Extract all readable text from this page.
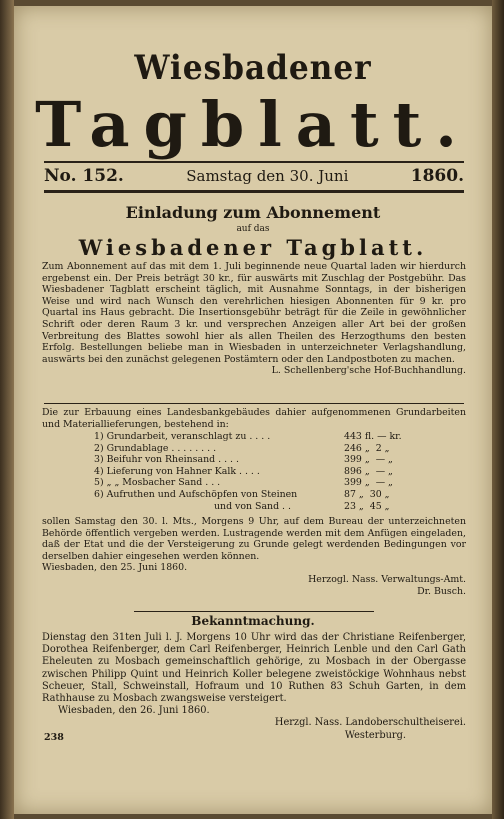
Wiesbadener
Tagblatt.
No. 152.	Samstag den 30. Juni	1860.
Einladung zum Abonnement
auf das
Wiesbadener Tagblatt.

Zum Abonnement auf das mit dem 1. Juli beginnende neue Quartal laden wir hierdurch ergebenst ein. Der Preis beträgt 30 kr., für auswärts mit Zuschlag der Postgebühr. Das Wiesbadener Tagblatt erscheint täglich, mit Ausnahme Sonntags, in der bisherigen Weise und wird nach Wunsch den verehrlichen hiesigen Abonnenten für 9 kr. pro Quartal ins Haus gebracht. Die Insertionsgebühr beträgt für die Zeile in gewöhnlicher Schrift oder deren Raum 3 kr. und versprechen Anzeigen aller Art bei der großen Verbreitung des Blattes sowohl hier als allen Theilen des Herzogthums den besten Erfolg. Bestellungen beliebe man in Wiesbaden in unterzeichneter Verlagshandlung, auswärts bei den zunächst gelegenen Postämtern oder den Landpostboten zu machen.

L. Schellenberg'sche Hof-Buchhandlung.

Die zur Erbauung eines Landesbankgebäudes dahier aufgenommenen Grundarbeiten und Materiallieferungen, bestehend in:

1) Grundarbeit, veranschlagt zu . . . .	443 fl. — kr.
2) Grundablage . . . . . . . .	246 „  2 „
3) Beifuhr von Rheinsand . . . .	399 „  — „
4) Lieferung von Hahner Kalk . . . .	896 „  — „
5) „ „ Mosbacher Sand . . .	399 „  — „
6) Aufruthen und Aufschöpfen von Steinen	87 „  30 „
und von Sand . .	23 „  45 „

sollen Samstag den 30. l. Mts., Morgens 9 Uhr, auf dem Bureau der unterzeichneten Behörde öffentlich vergeben werden. Lustragende werden mit dem Anfügen eingeladen, daß der Etat und die der Versteigerung zu Grunde gelegt werdenden Bedingungen vor derselben dahier eingesehen werden können.

Wiesbaden, den 25. Juni 1860.

Herzogl. Nass. Verwaltungs-Amt.

Dr. Busch.

Bekanntmachung.

Dienstag den 31ten Juli l. J. Morgens 10 Uhr wird das der Christiane Reifenberger, Dorothea Reifenberger, dem Carl Reifenberger, Heinrich Lenble und den Carl Gath Eheleuten zu Mosbach gemeinschaftlich gehörige, zu Mosbach in der Obergasse zwischen Philipp Quint und Heinrich Koller belegene zweistöckige Wohnhaus nebst Scheuer, Stall, Schweinstall, Hofraum und 10 Ruthen 83 Schuh Garten, in dem Rathhause zu Mosbach zwangsweise versteigert.

Wiesbaden, den 26. Juni 1860.

Herzgl. Nass. Landoberschultheiserei.

Westerburg.

238
